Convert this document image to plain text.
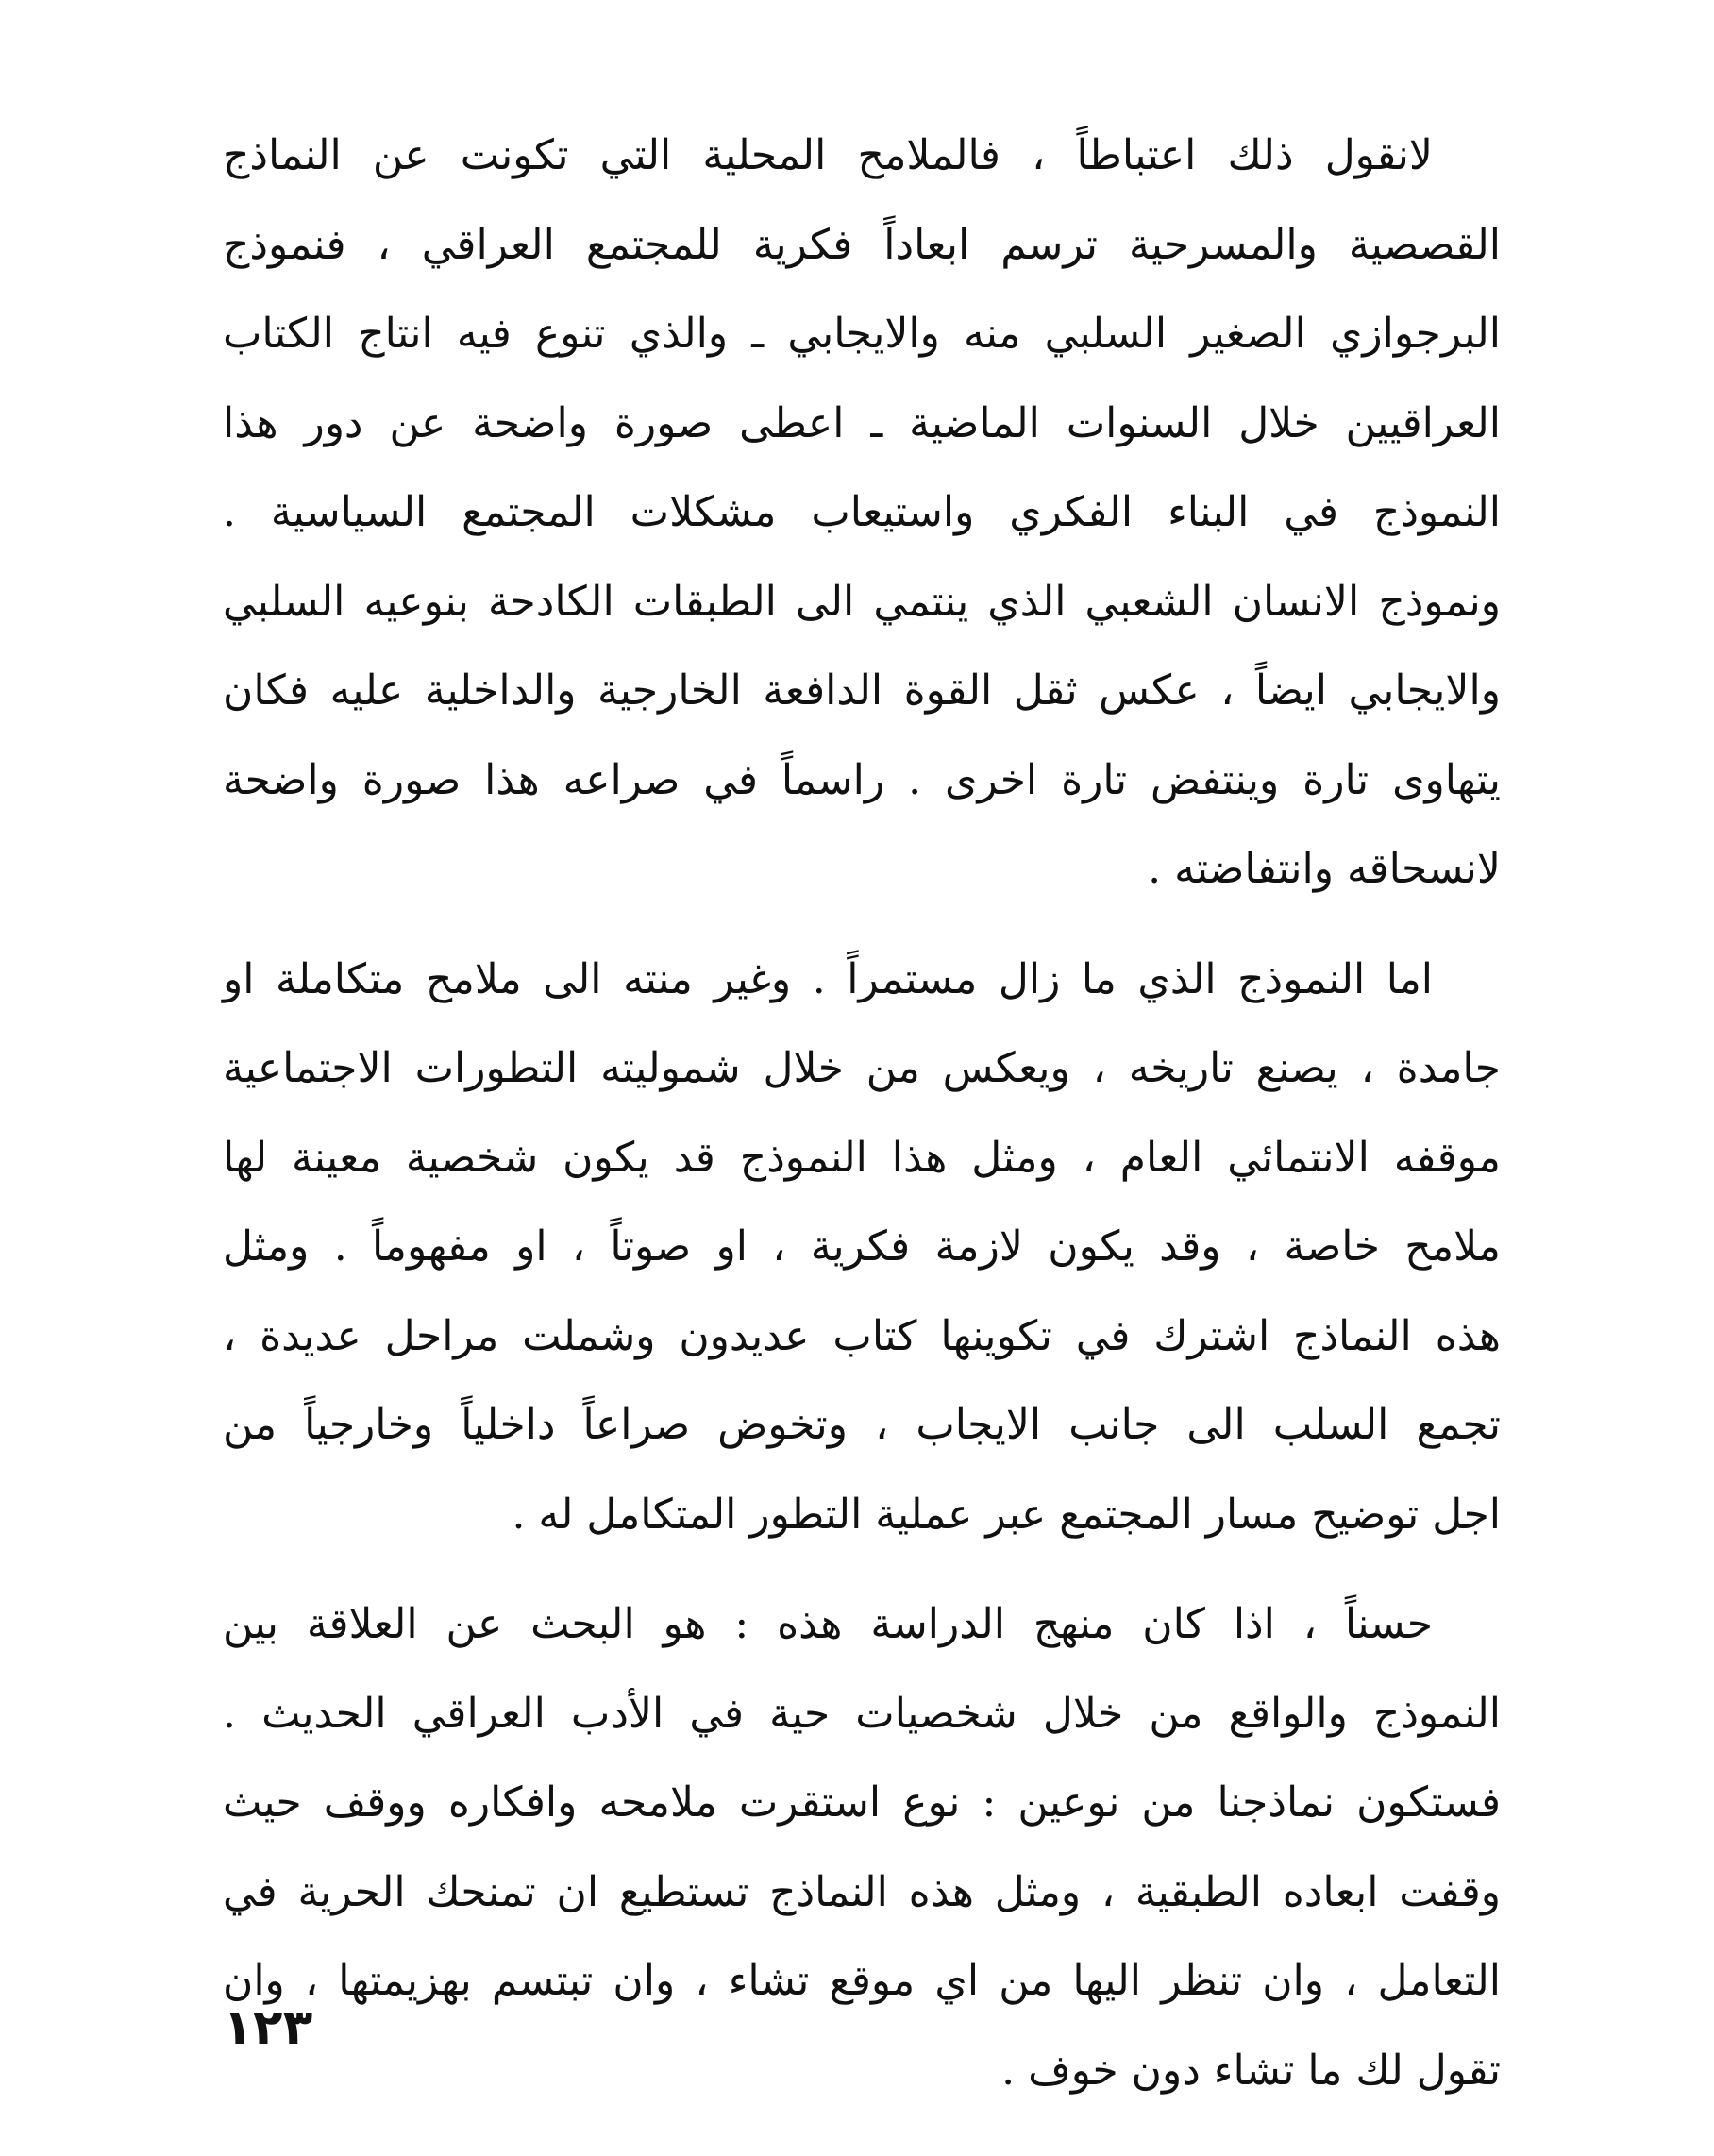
لانقول ذلك اعتباطاً ، فالملامح المحلية التي تكونت عن النماذج
القصصية والمسرحية ترسم ابعاداً فكرية للمجتمع العراقي ، فنموذج
البرجوازي الصغير السلبي منه والايجابي ـ والذي تنوع فيه انتاج الكتاب
العراقيين خلال السنوات الماضية ـ اعطى صورة واضحة عن دور هذا
النموذج في البناء الفكري واستيعاب مشكلات المجتمع السياسية .
ونموذج الانسان الشعبي الذي ينتمي الى الطبقات الكادحة بنوعيه السلبي
والايجابي ايضاً ، عكس ثقل القوة الدافعة الخارجية والداخلية عليه فكان
يتهاوى تارة وينتفض تارة اخرى . راسماً في صراعه هذا صورة واضحة
لانسحاقه وانتفاضته .

اما النموذج الذي ما زال مستمراً . وغير منته الى ملامح متكاملة او
جامدة ، يصنع تاريخه ، ويعكس من خلال شموليته التطورات الاجتماعية
موقفه الانتمائي العام ، ومثل هذا النموذج قد يكون شخصية معينة لها
ملامح خاصة ، وقد يكون لازمة فكرية ، او صوتاً ، او مفهوماً . ومثل
هذه النماذج اشترك في تكوينها كتاب عديدون وشملت مراحل عديدة ،
تجمع السلب الى جانب الايجاب ، وتخوض صراعاً داخلياً وخارجياً من
اجل توضيح مسار المجتمع عبر عملية التطور المتكامل له .

حسناً ، اذا كان منهج الدراسة هذه : هو البحث عن العلاقة بين
النموذج والواقع من خلال شخصيات حية في الأدب العراقي الحديث .
فستكون نماذجنا من نوعين : نوع استقرت ملامحه وافكاره ووقف حيث
وقفت ابعاده الطبقية ، ومثل هذه النماذج تستطيع ان تمنحك الحرية في
التعامل ، وان تنظر اليها من اي موقع تشاء ، وان تبتسم بهزيمتها ، وان
تقول لك ما تشاء دون خوف .

١٢٣
